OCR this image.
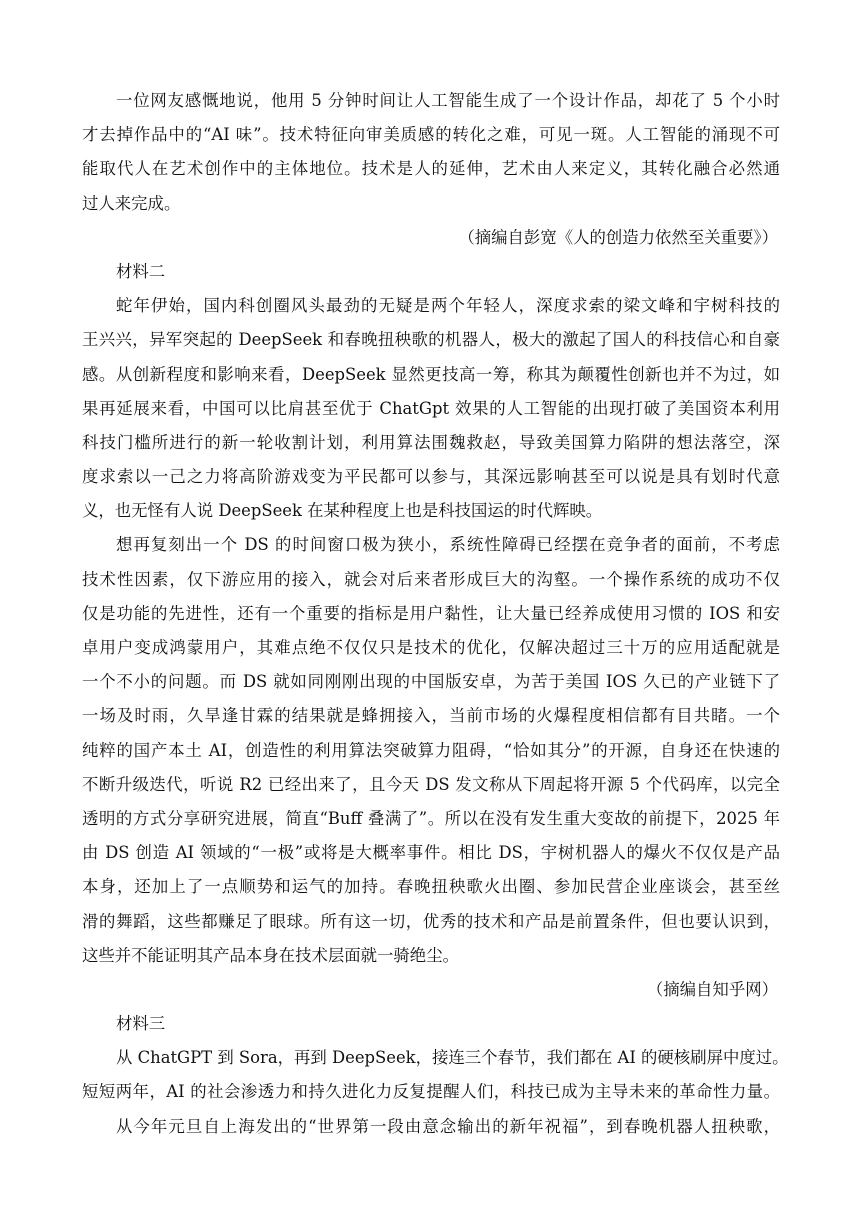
一位网友感慨地说，他用 5 分钟时间让人工智能生成了一个设计作品，却花了 5 个小时
才去掉作品中的“AI 味”。技术特征向审美质感的转化之难，可见一斑。人工智能的涌现不可
能取代人在艺术创作中的主体地位。技术是人的延伸，艺术由人来定义，其转化融合必然通
过人来完成。
（摘编自彭宽《人的创造力依然至关重要》）
材料二
蛇年伊始，国内科创圈风头最劲的无疑是两个年轻人，深度求索的梁文峰和宇树科技的
王兴兴，异军突起的 DeepSeek 和春晚扭秧歌的机器人，极大的激起了国人的科技信心和自豪
感。从创新程度和影响来看，DeepSeek 显然更技高一筹，称其为颠覆性创新也并不为过，如
果再延展来看，中国可以比肩甚至优于 ChatGpt 效果的人工智能的出现打破了美国资本利用
科技门槛所进行的新一轮收割计划，利用算法围魏救赵，导致美国算力陷阱的想法落空，深
度求索以一己之力将高阶游戏变为平民都可以参与，其深远影响甚至可以说是具有划时代意
义，也无怪有人说 DeepSeek 在某种程度上也是科技国运的时代辉映。
想再复刻出一个 DS 的时间窗口极为狭小，系统性障碍已经摆在竞争者的面前，不考虑
技术性因素，仅下游应用的接入，就会对后来者形成巨大的沟壑。一个操作系统的成功不仅
仅是功能的先进性，还有一个重要的指标是用户黏性，让大量已经养成使用习惯的 IOS 和安
卓用户变成鸿蒙用户，其难点绝不仅仅只是技术的优化，仅解决超过三十万的应用适配就是
一个不小的问题。而 DS 就如同刚刚出现的中国版安卓，为苦于美国 IOS 久已的产业链下了
一场及时雨，久旱逢甘霖的结果就是蜂拥接入，当前市场的火爆程度相信都有目共睹。一个
纯粹的国产本土 AI，创造性的利用算法突破算力阻碍，“恰如其分”的开源，自身还在快速的
不断升级迭代，听说 R2 已经出来了，且今天 DS 发文称从下周起将开源 5 个代码库，以完全
透明的方式分享研究进展，简直“Buff 叠满了”。所以在没有发生重大变故的前提下，2025 年
由 DS 创造 AI 领域的“一极”或将是大概率事件。相比 DS，宇树机器人的爆火不仅仅是产品
本身，还加上了一点顺势和运气的加持。春晚扭秧歌火出圈、参加民营企业座谈会，甚至丝
滑的舞蹈，这些都赚足了眼球。所有这一切，优秀的技术和产品是前置条件，但也要认识到，
这些并不能证明其产品本身在技术层面就一骑绝尘。
（摘编自知乎网）
材料三
从 ChatGPT 到 Sora，再到 DeepSeek，接连三个春节，我们都在 AI 的硬核刷屏中度过。
短短两年，AI 的社会渗透力和持久进化力反复提醒人们，科技已成为主导未来的革命性力量。
从今年元旦自上海发出的“世界第一段由意念输出的新年祝福”，到春晚机器人扭秧歌，
